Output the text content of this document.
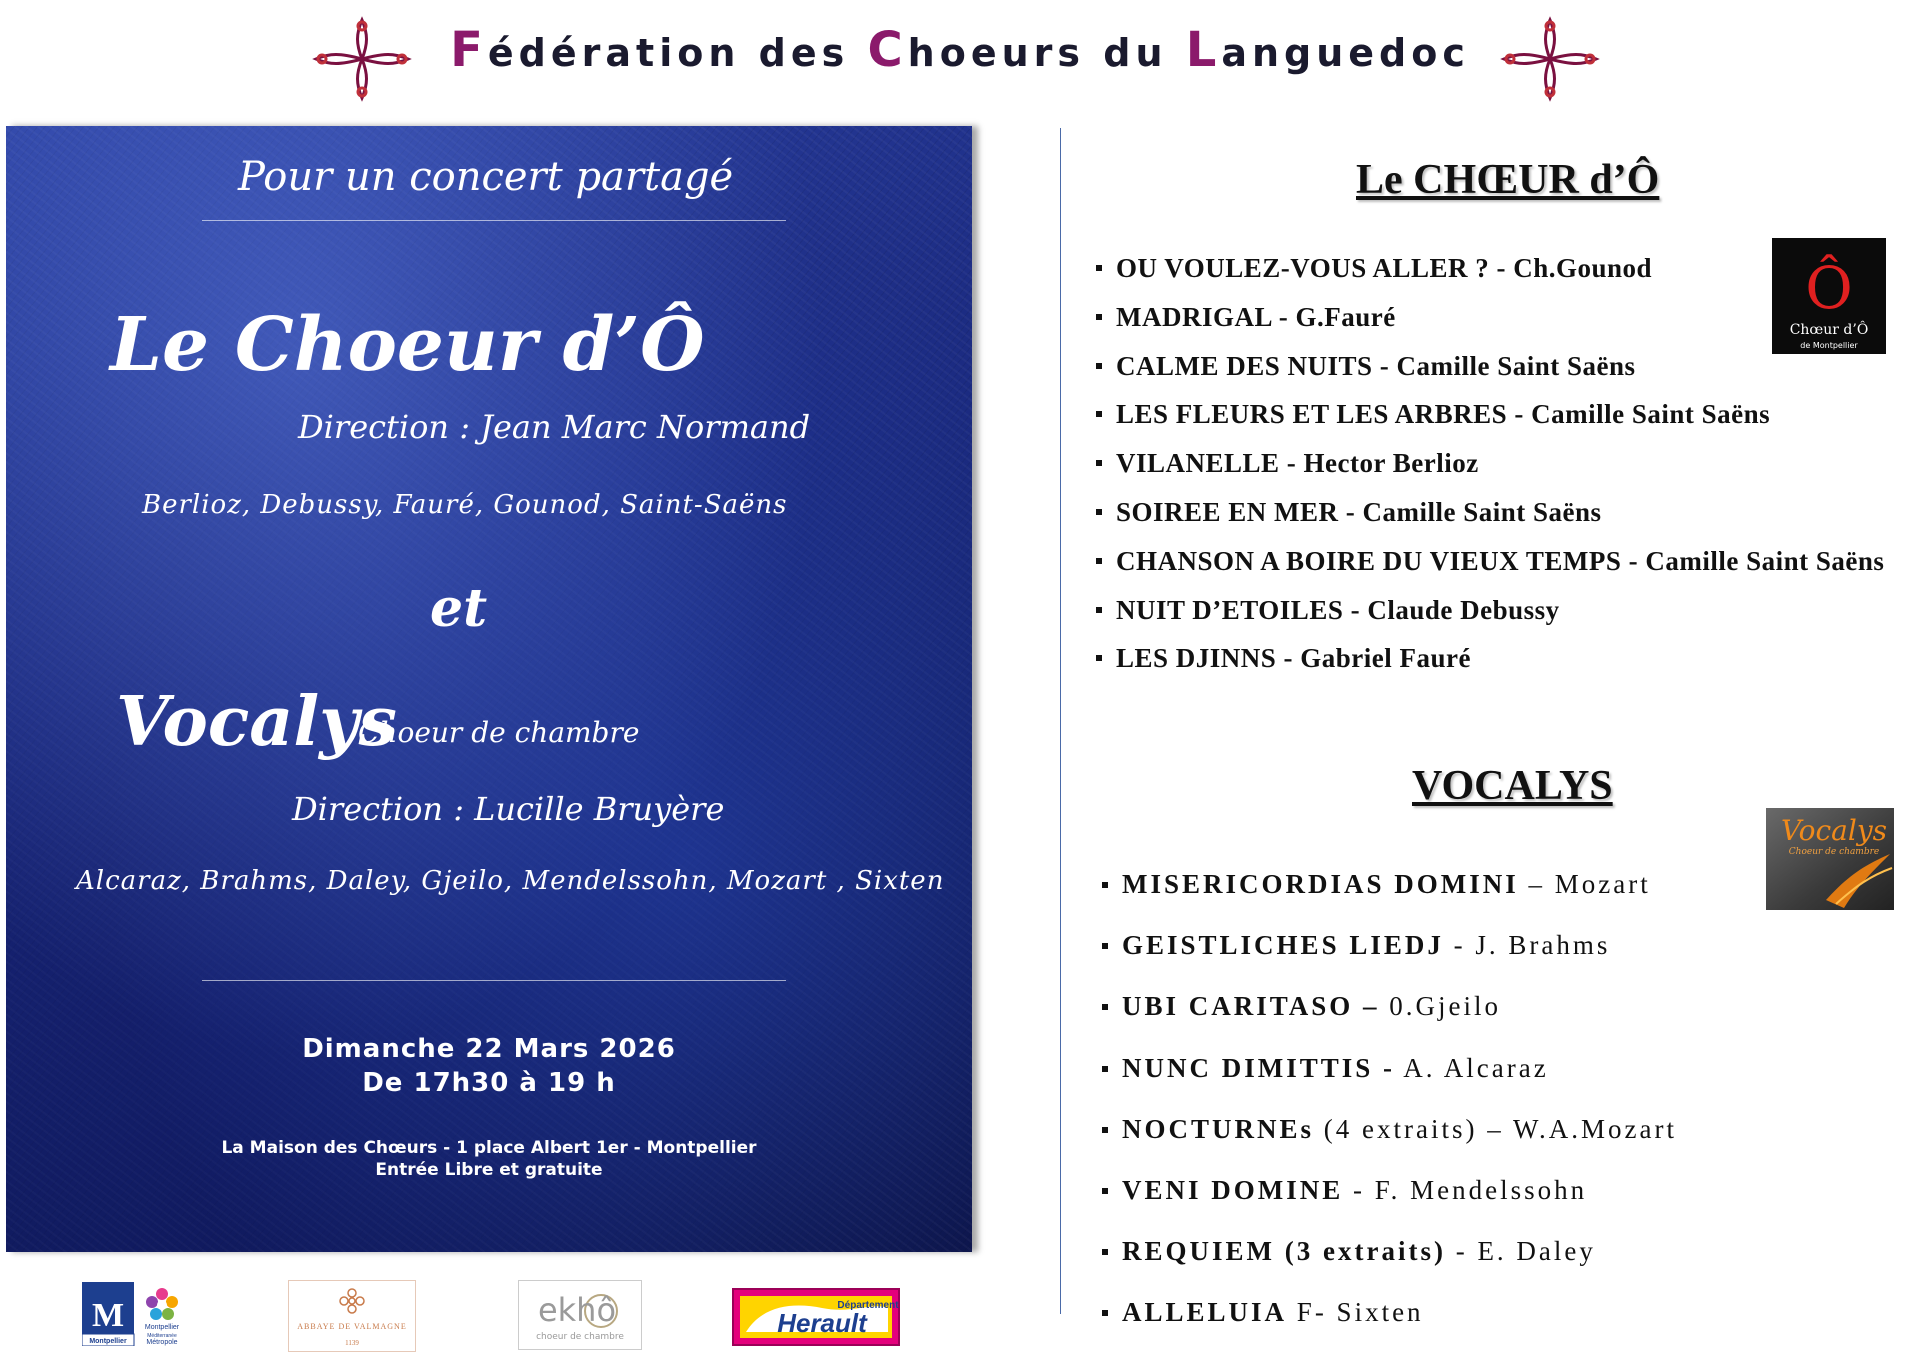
Fédération des Choeurs du Languedoc
Pour un concert partagé
Le Choeur d’Ô
Direction : Jean Marc Normand
Berlioz, Debussy, Fauré, Gounod, Saint-Saëns
et
Vocalys
Choeur de chambre
Direction : Lucille Bruyère
Alcaraz, Brahms, Daley, Gjeilo, Mendelssohn, Mozart , Sixten
Dimanche 22 Mars 2026
De 17h30 à 19 h
La Maison des Chœurs - 1 place Albert 1er - Montpellier
Entrée Libre et gratuite
M
Montpellier
Montpellier
Méditerranée
Métropole
ABBAYE DE VALMAGNE
1139
ekhô
choeur de chambre
Département
Herault
Le CHŒUR d’Ô
Ô
Chœur d’Ô
de Montpellier
OU VOULEZ-VOUS ALLER ? - Ch.Gounod
MADRIGAL - G.Fauré
CALME DES NUITS - Camille Saint Saëns
LES FLEURS ET LES ARBRES - Camille Saint Saëns
VILANELLE - Hector Berlioz
SOIREE EN MER - Camille Saint Saëns
CHANSON A BOIRE DU VIEUX TEMPS - Camille Saint Saëns
NUIT D’ETOILES - Claude Debussy
LES DJINNS - Gabriel Fauré
VOCALYS
Vocalys
Choeur de chambre
MISERICORDIAS DOMINI – Mozart
GEISTLICHES LIEDJ - J. Brahms
UBI CARITASO – 0.Gjeilo
NUNC DIMITTIS - A. Alcaraz
NOCTURNEs (4 extraits) – W.A.Mozart
VENI DOMINE - F. Mendelssohn
REQUIEM (3 extraits) - E. Daley
ALLELUIA F- Sixten
